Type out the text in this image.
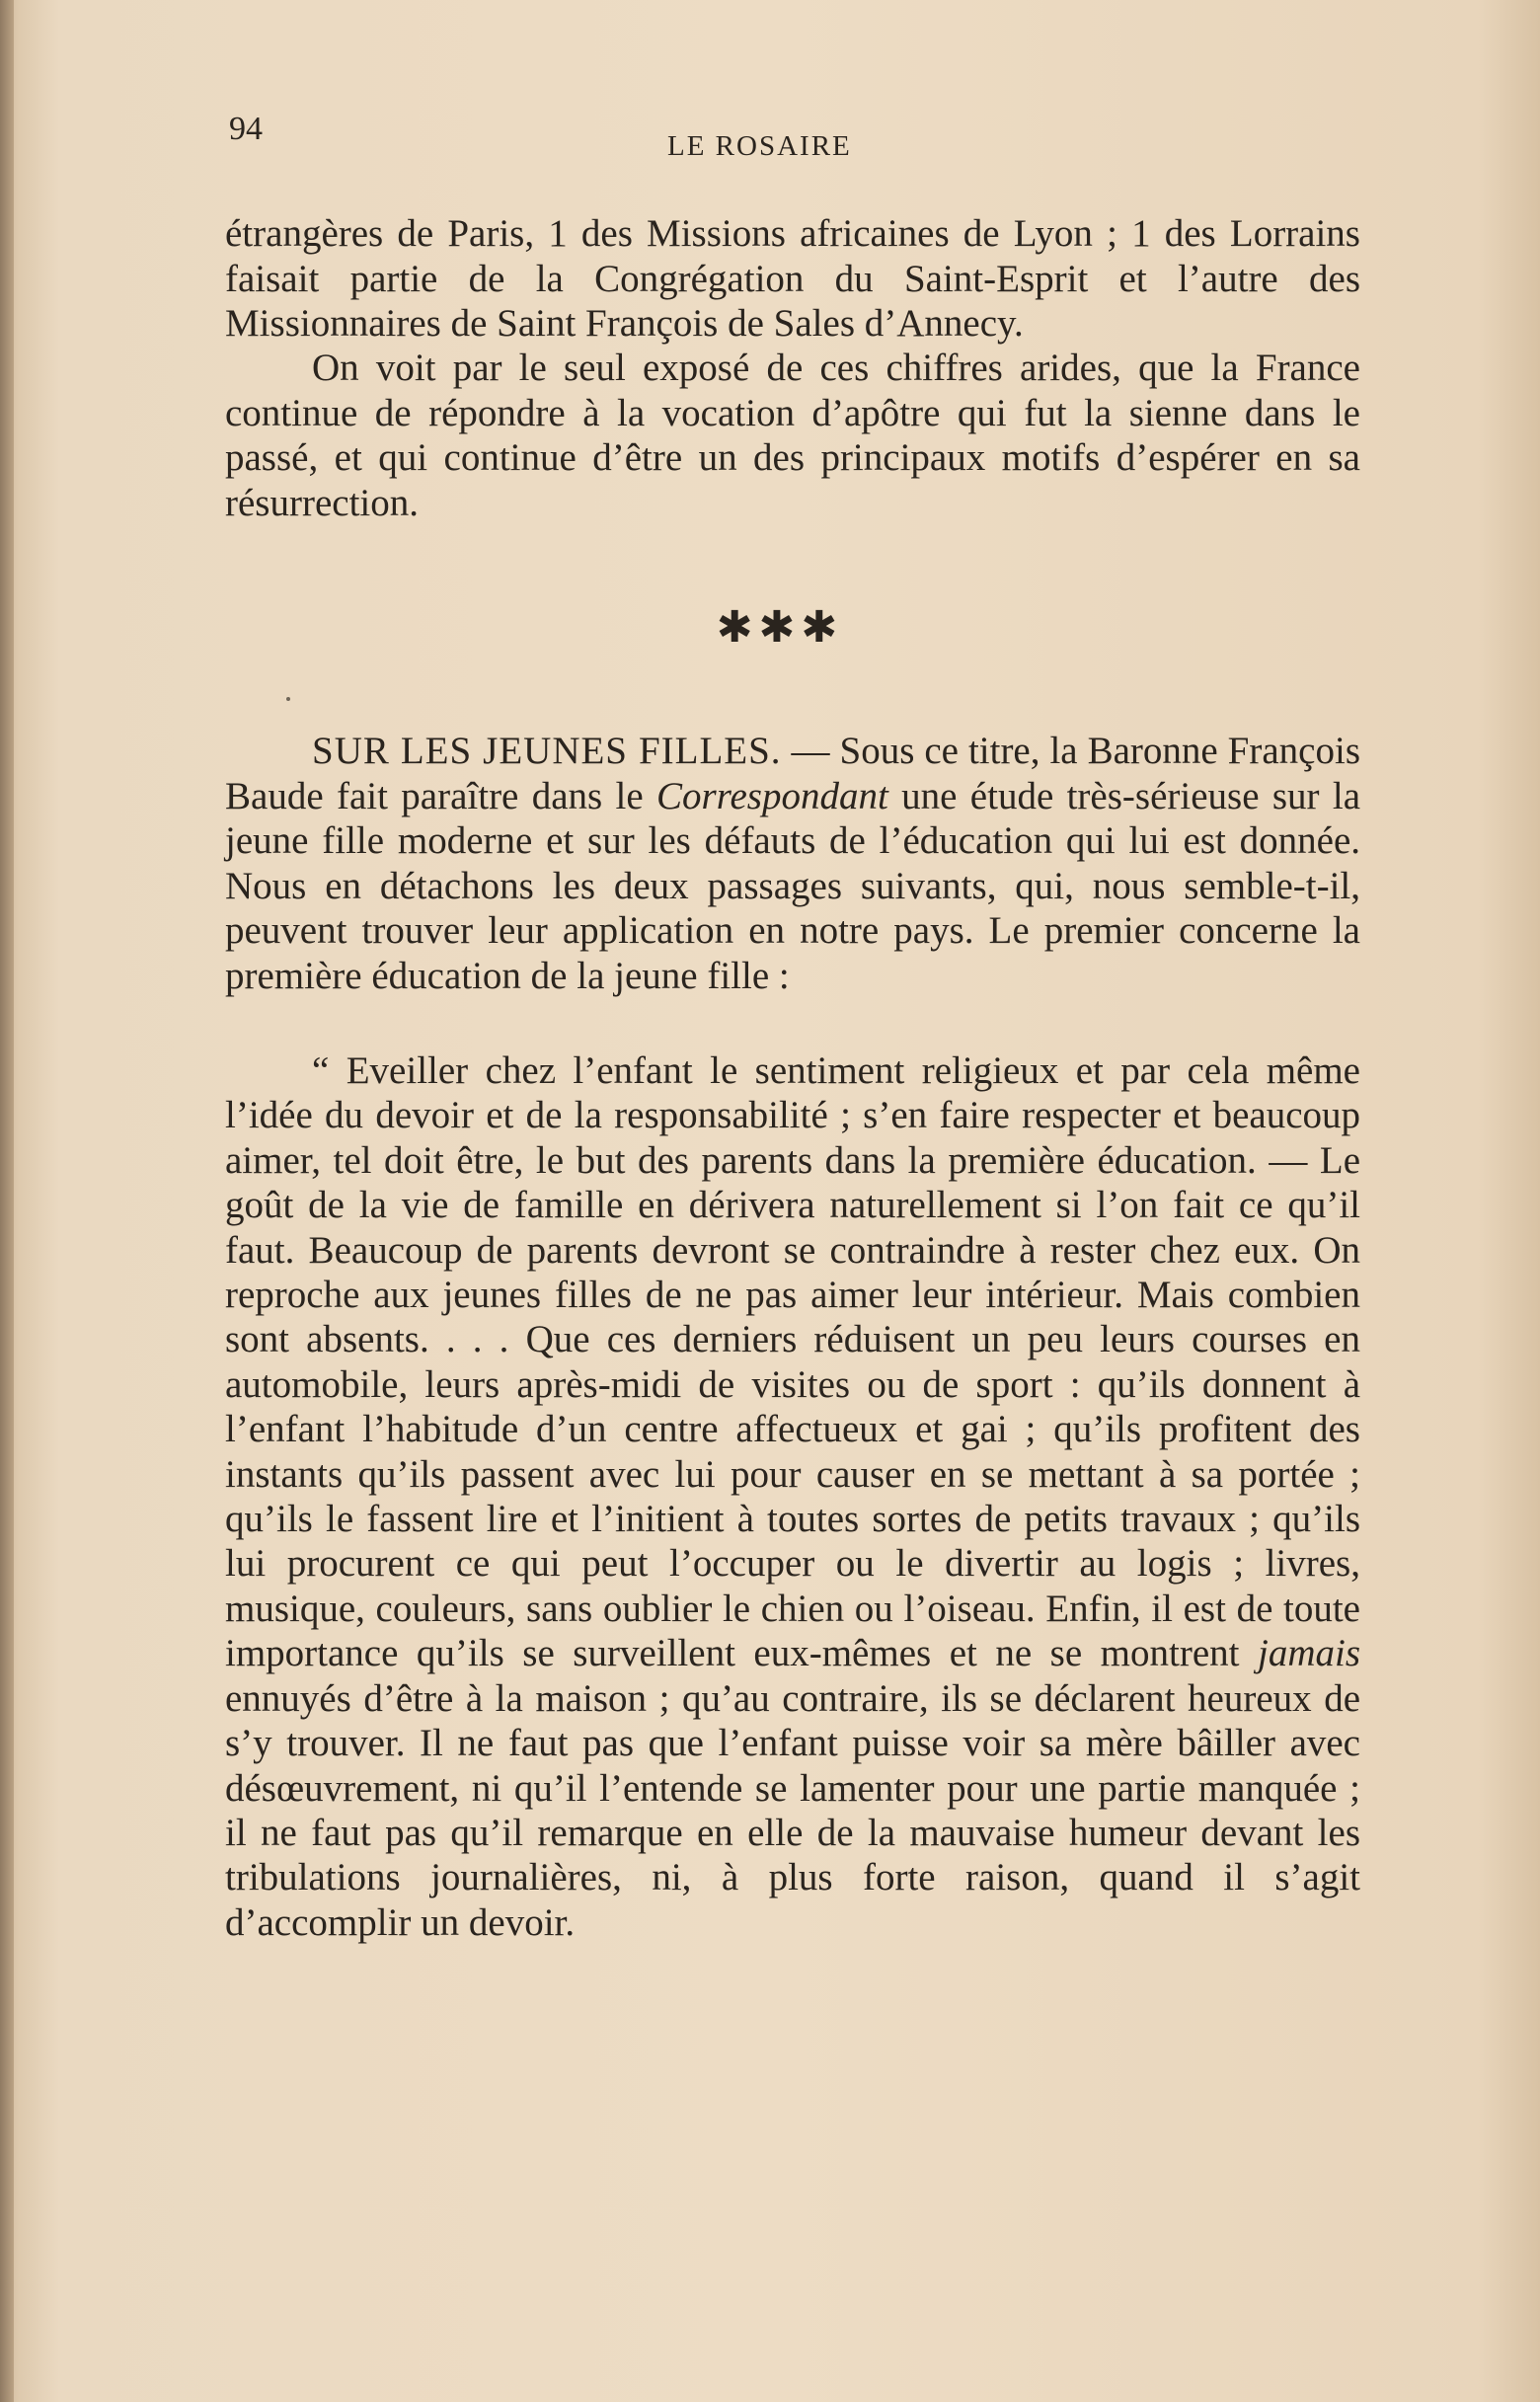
94	LE ROSAIRE

étrangères de Paris, 1 des Missions africaines de Lyon ; 1 des Lorrains faisait partie de la Congrégation du Saint-Esprit et l’autre des Missionnaires de Saint François de Sales d’Annecy.

On voit par le seul exposé de ces chiffres arides, que la France continue de répondre à la vocation d’apôtre qui fut la sienne dans le passé, et qui continue d’être un des principaux motifs d’espérer en sa résurrection.

✱✱✱

SUR LES JEUNES FILLES. — Sous ce titre, la Baronne François Baude fait paraître dans le Correspondant une étude très-sérieuse sur la jeune fille moderne et sur les défauts de l’éducation qui lui est donnée. Nous en détachons les deux passages suivants, qui, nous semble-t-il, peuvent trouver leur application en notre pays. Le premier concerne la première éducation de la jeune fille :

“ Eveiller chez l’enfant le sentiment religieux et par cela même l’idée du devoir et de la responsabilité ; s’en faire respecter et beaucoup aimer, tel doit être, le but des parents dans la première éducation. — Le goût de la vie de famille en dérivera naturellement si l’on fait ce qu’il faut. Beaucoup de parents devront se contraindre à rester chez eux. On reproche aux jeunes filles de ne pas aimer leur intérieur. Mais combien sont absents. . . . Que ces derniers réduisent un peu leurs courses en automobile, leurs après-midi de visites ou de sport : qu’ils donnent à l’enfant l’habitude d’un centre affectueux et gai ; qu’ils profitent des instants qu’ils passent avec lui pour causer en se mettant à sa portée ; qu’ils le fassent lire et l’initient à toutes sortes de petits travaux ; qu’ils lui procurent ce qui peut l’occuper ou le divertir au logis ; livres, musique, couleurs, sans oublier le chien ou l’oiseau. Enfin, il est de toute importance qu’ils se surveillent eux-mêmes et ne se montrent jamais ennuyés d’être à la maison ; qu’au contraire, ils se déclarent heureux de s’y trouver. Il ne faut pas que l’enfant puisse voir sa mère bâiller avec désœuvrement, ni qu’il l’entende se lamenter pour une partie manquée ; il ne faut pas qu’il remarque en elle de la mauvaise humeur devant les tribulations journalières, ni, à plus forte raison, quand il s’agit d’accomplir un devoir.
